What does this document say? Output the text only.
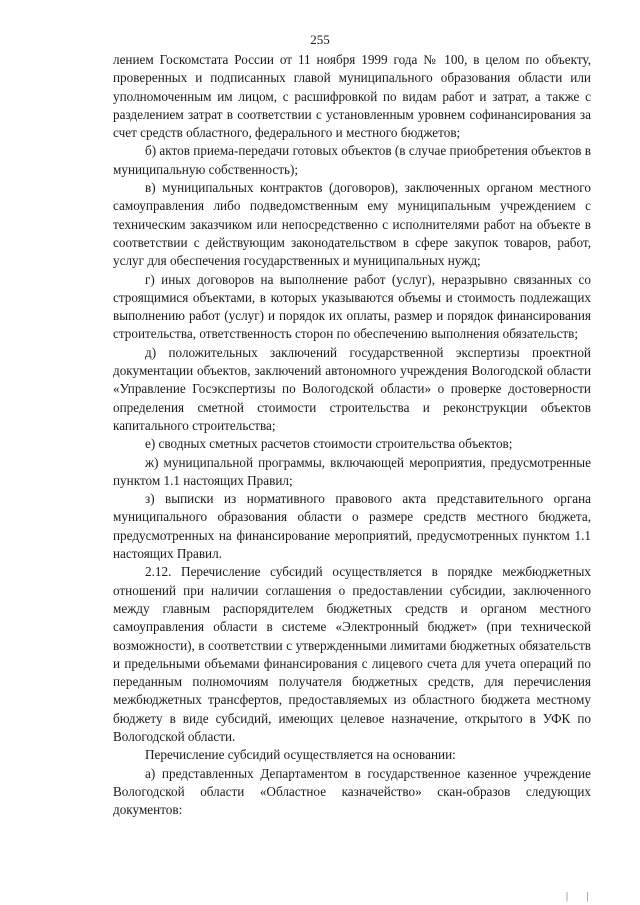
255

лением Госкомстата России от 11 ноября 1999 года № 100, в целом по объекту, проверенных и подписанных главой муниципального образования области или уполномоченным им лицом, с расшифровкой по видам работ и затрат, а также с разделением затрат в соответствии с установленным уровнем софинансирования за счет средств областного, федерального и местного бюджетов;

б) актов приема-передачи готовых объектов (в случае приобретения объектов в муниципальную собственность);

в) муниципальных контрактов (договоров), заключенных органом местного самоуправления либо подведомственным ему муниципальным учреждением с техническим заказчиком или непосредственно с исполнителями работ на объекте в соответствии с действующим законодательством в сфере закупок товаров, работ, услуг для обеспечения государственных и муниципальных нужд;

г) иных договоров на выполнение работ (услуг), неразрывно связанных со строящимися объектами, в которых указываются объемы и стоимость подлежащих выполнению работ (услуг) и порядок их оплаты, размер и порядок финансирования строительства, ответственность сторон по обеспечению выполнения обязательств;

д) положительных заключений государственной экспертизы проектной документации объектов, заключений автономного учреждения Вологодской области «Управление Госэкспертизы по Вологодской области» о проверке достоверности определения сметной стоимости строительства и реконструкции объектов капитального строительства;

е) сводных сметных расчетов стоимости строительства объектов;

ж) муниципальной программы, включающей мероприятия, предусмотренные пунктом 1.1 настоящих Правил;

з) выписки из нормативного правового акта представительного органа муниципального образования области о размере средств местного бюджета, предусмотренных на финансирование мероприятий, предусмотренных пунктом 1.1 настоящих Правил.

2.12. Перечисление субсидий осуществляется в порядке межбюджетных отношений при наличии соглашения о предоставлении субсидии, заключенного между главным распорядителем бюджетных средств и органом местного самоуправления области в системе «Электронный бюджет» (при технической возможности), в соответствии с утвержденными лимитами бюджетных обязательств и предельными объемами финансирования с лицевого счета для учета операций по переданным полномочиям получателя бюджетных средств, для перечисления межбюджетных трансфертов, предоставляемых из областного бюджета местному бюджету в виде субсидий, имеющих целевое назначение, открытого в УФК по Вологодской области.

Перечисление субсидий осуществляется на основании:

а) представленных Департаментом в государственное казенное учреждение Вологодской области «Областное казначейство» скан-образов следующих документов:

| |
